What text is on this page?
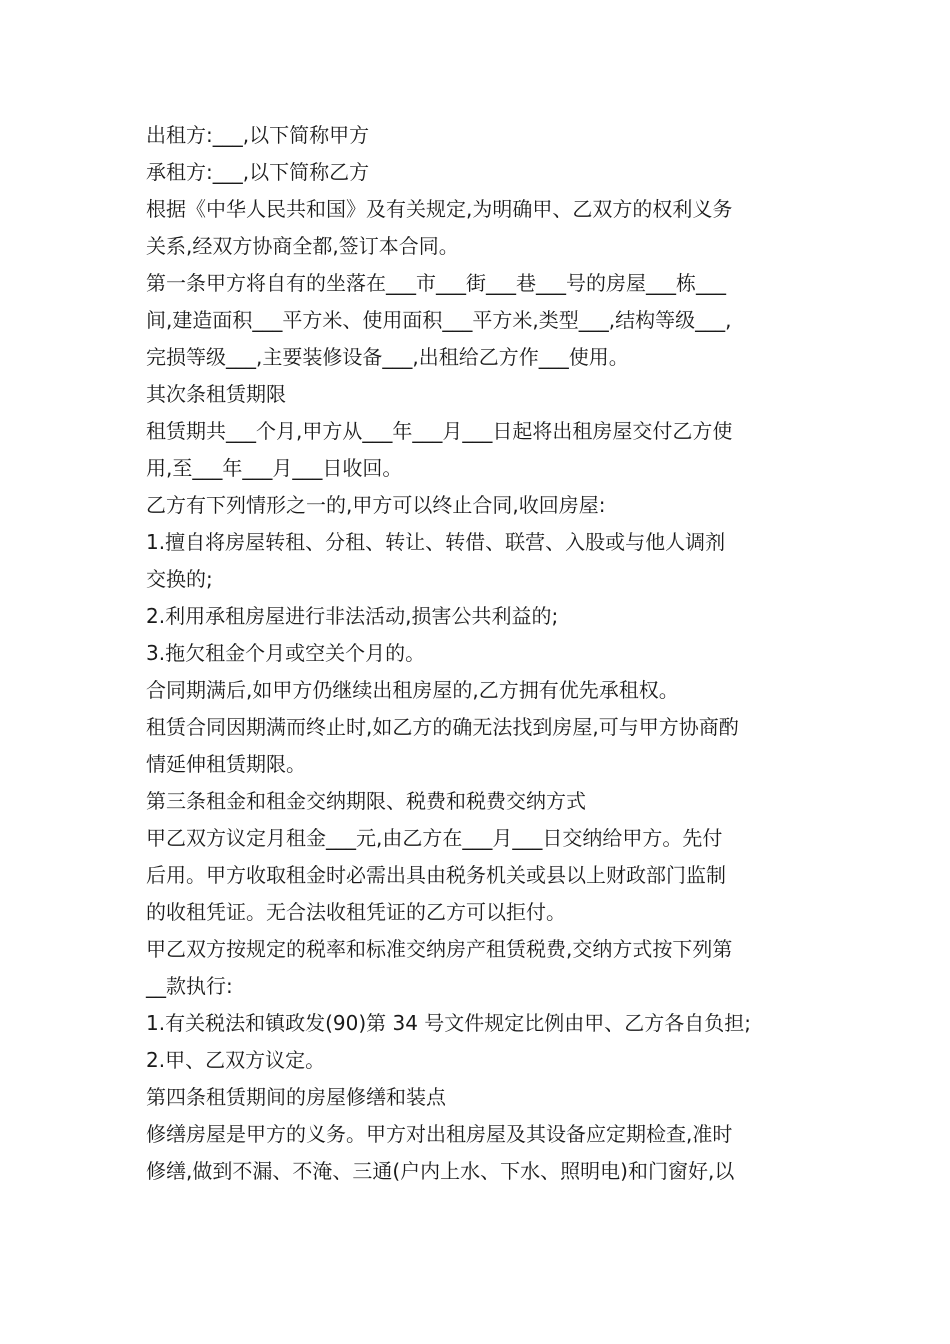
出租方:___,以下简称甲方
承租方:___,以下简称乙方
根据《中华人民共和国》及有关规定,为明确甲、乙双方的权利义务
关系,经双方协商全都,签订本合同。
第一条甲方将自有的坐落在___市___街___巷___号的房屋___栋___
间,建造面积___平方米、使用面积___平方米,类型___,结构等级___,
完损等级___,主要装修设备___,出租给乙方作___使用。
其次条租赁期限
租赁期共___个月,甲方从___年___月___日起将出租房屋交付乙方使
用,至___年___月___日收回。
乙方有下列情形之一的,甲方可以终止合同,收回房屋:
1.擅自将房屋转租、分租、转让、转借、联营、入股或与他人调剂
交换的;
2.利用承租房屋进行非法活动,损害公共利益的;
3.拖欠租金个月或空关个月的。
合同期满后,如甲方仍继续出租房屋的,乙方拥有优先承租权。
租赁合同因期满而终止时,如乙方的确无法找到房屋,可与甲方协商酌
情延伸租赁期限。
第三条租金和租金交纳期限、税费和税费交纳方式
甲乙双方议定月租金___元,由乙方在___月___日交纳给甲方。先付
后用。甲方收取租金时必需出具由税务机关或县以上财政部门监制
的收租凭证。无合法收租凭证的乙方可以拒付。
甲乙双方按规定的税率和标准交纳房产租赁税费,交纳方式按下列第
__款执行:
1.有关税法和镇政发(90)第 34 号文件规定比例由甲、乙方各自负担;
2.甲、乙双方议定。
第四条租赁期间的房屋修缮和装点
修缮房屋是甲方的义务。甲方对出租房屋及其设备应定期检查,准时
修缮,做到不漏、不淹、三通(户内上水、下水、照明电)和门窗好,以
